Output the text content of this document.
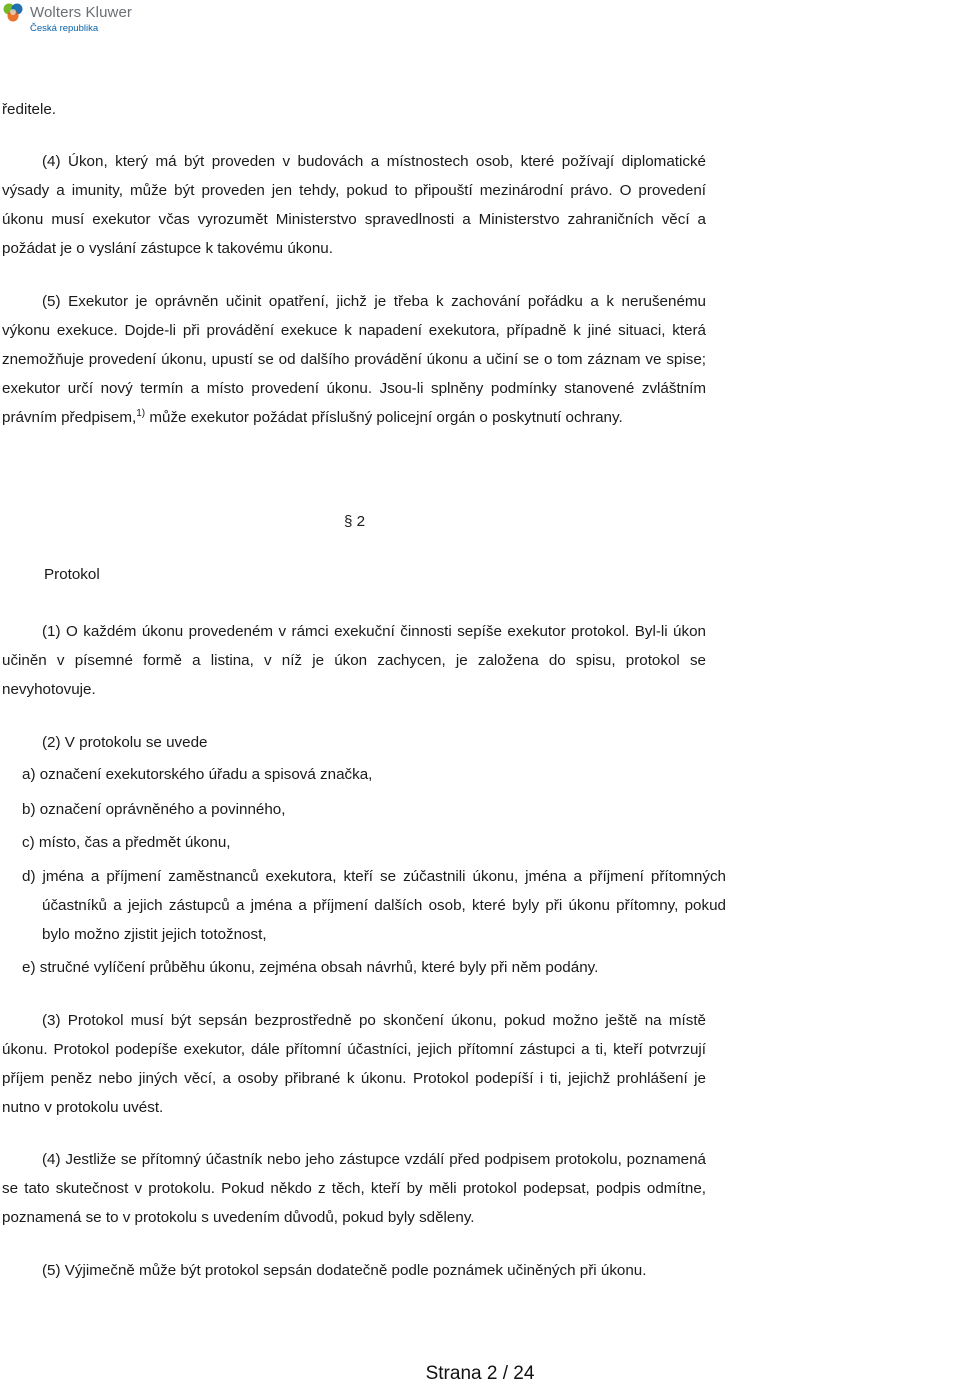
Wolters Kluwer
Česká republika
ředitele.
(4) Úkon, který má být proveden v budovách a místnostech osob, které požívají diplomatické výsady a imunity, může být proveden jen tehdy, pokud to připouští mezinárodní právo. O provedení úkonu musí exekutor včas vyrozumět Ministerstvo spravedlnosti a Ministerstvo zahraničních věcí a požádat je o vyslání zástupce k takovému úkonu.
(5) Exekutor je oprávněn učinit opatření, jichž je třeba k zachování pořádku a k nerušenému výkonu exekuce. Dojde-li při provádění exekuce k napadení exekutora, případně k jiné situaci, která znemožňuje provedení úkonu, upustí se od dalšího provádění úkonu a učiní se o tom záznam ve spise; exekutor určí nový termín a místo provedení úkonu. Jsou-li splněny podmínky stanovené zvláštním právním předpisem,$^{1)}$ může exekutor požádat příslušný policejní orgán o poskytnutí ochrany.
§ 2
Protokol
(1) O každém úkonu provedeném v rámci exekuční činnosti sepíše exekutor protokol. Byl-li úkon učiněn v písemné formě a listina, v níž je úkon zachycen, je založena do spisu, protokol se nevyhotovuje.
(2) V protokolu se uvede
a) označení exekutorského úřadu a spisová značka,
b) označení oprávněného a povinného,
c) místo, čas a předmět úkonu,
d) jména a příjmení zaměstnanců exekutora, kteří se zúčastnili úkonu, jména a příjmení přítomných účastníků a jejich zástupců a jména a příjmení dalších osob, které byly při úkonu přítomny, pokud bylo možno zjistit jejich totožnost,
e) stručné vylíčení průběhu úkonu, zejména obsah návrhů, které byly při něm podány.
(3) Protokol musí být sepsán bezprostředně po skončení úkonu, pokud možno ještě na místě úkonu. Protokol podepíše exekutor, dále přítomní účastníci, jejich přítomní zástupci a ti, kteří potvrzují příjem peněz nebo jiných věcí, a osoby přibrané k úkonu. Protokol podepíší i ti, jejichž prohlášení je nutno v protokolu uvést.
(4) Jestliže se přítomný účastník nebo jeho zástupce vzdálí před podpisem protokolu, poznamená se tato skutečnost v protokolu. Pokud někdo z těch, kteří by měli protokol podepsat, podpis odmítne, poznamená se to v protokolu s uvedením důvodů, pokud byly sděleny.
(5) Výjimečně může být protokol sepsán dodatečně podle poznámek učiněných při úkonu.
Strana 2 / 24
